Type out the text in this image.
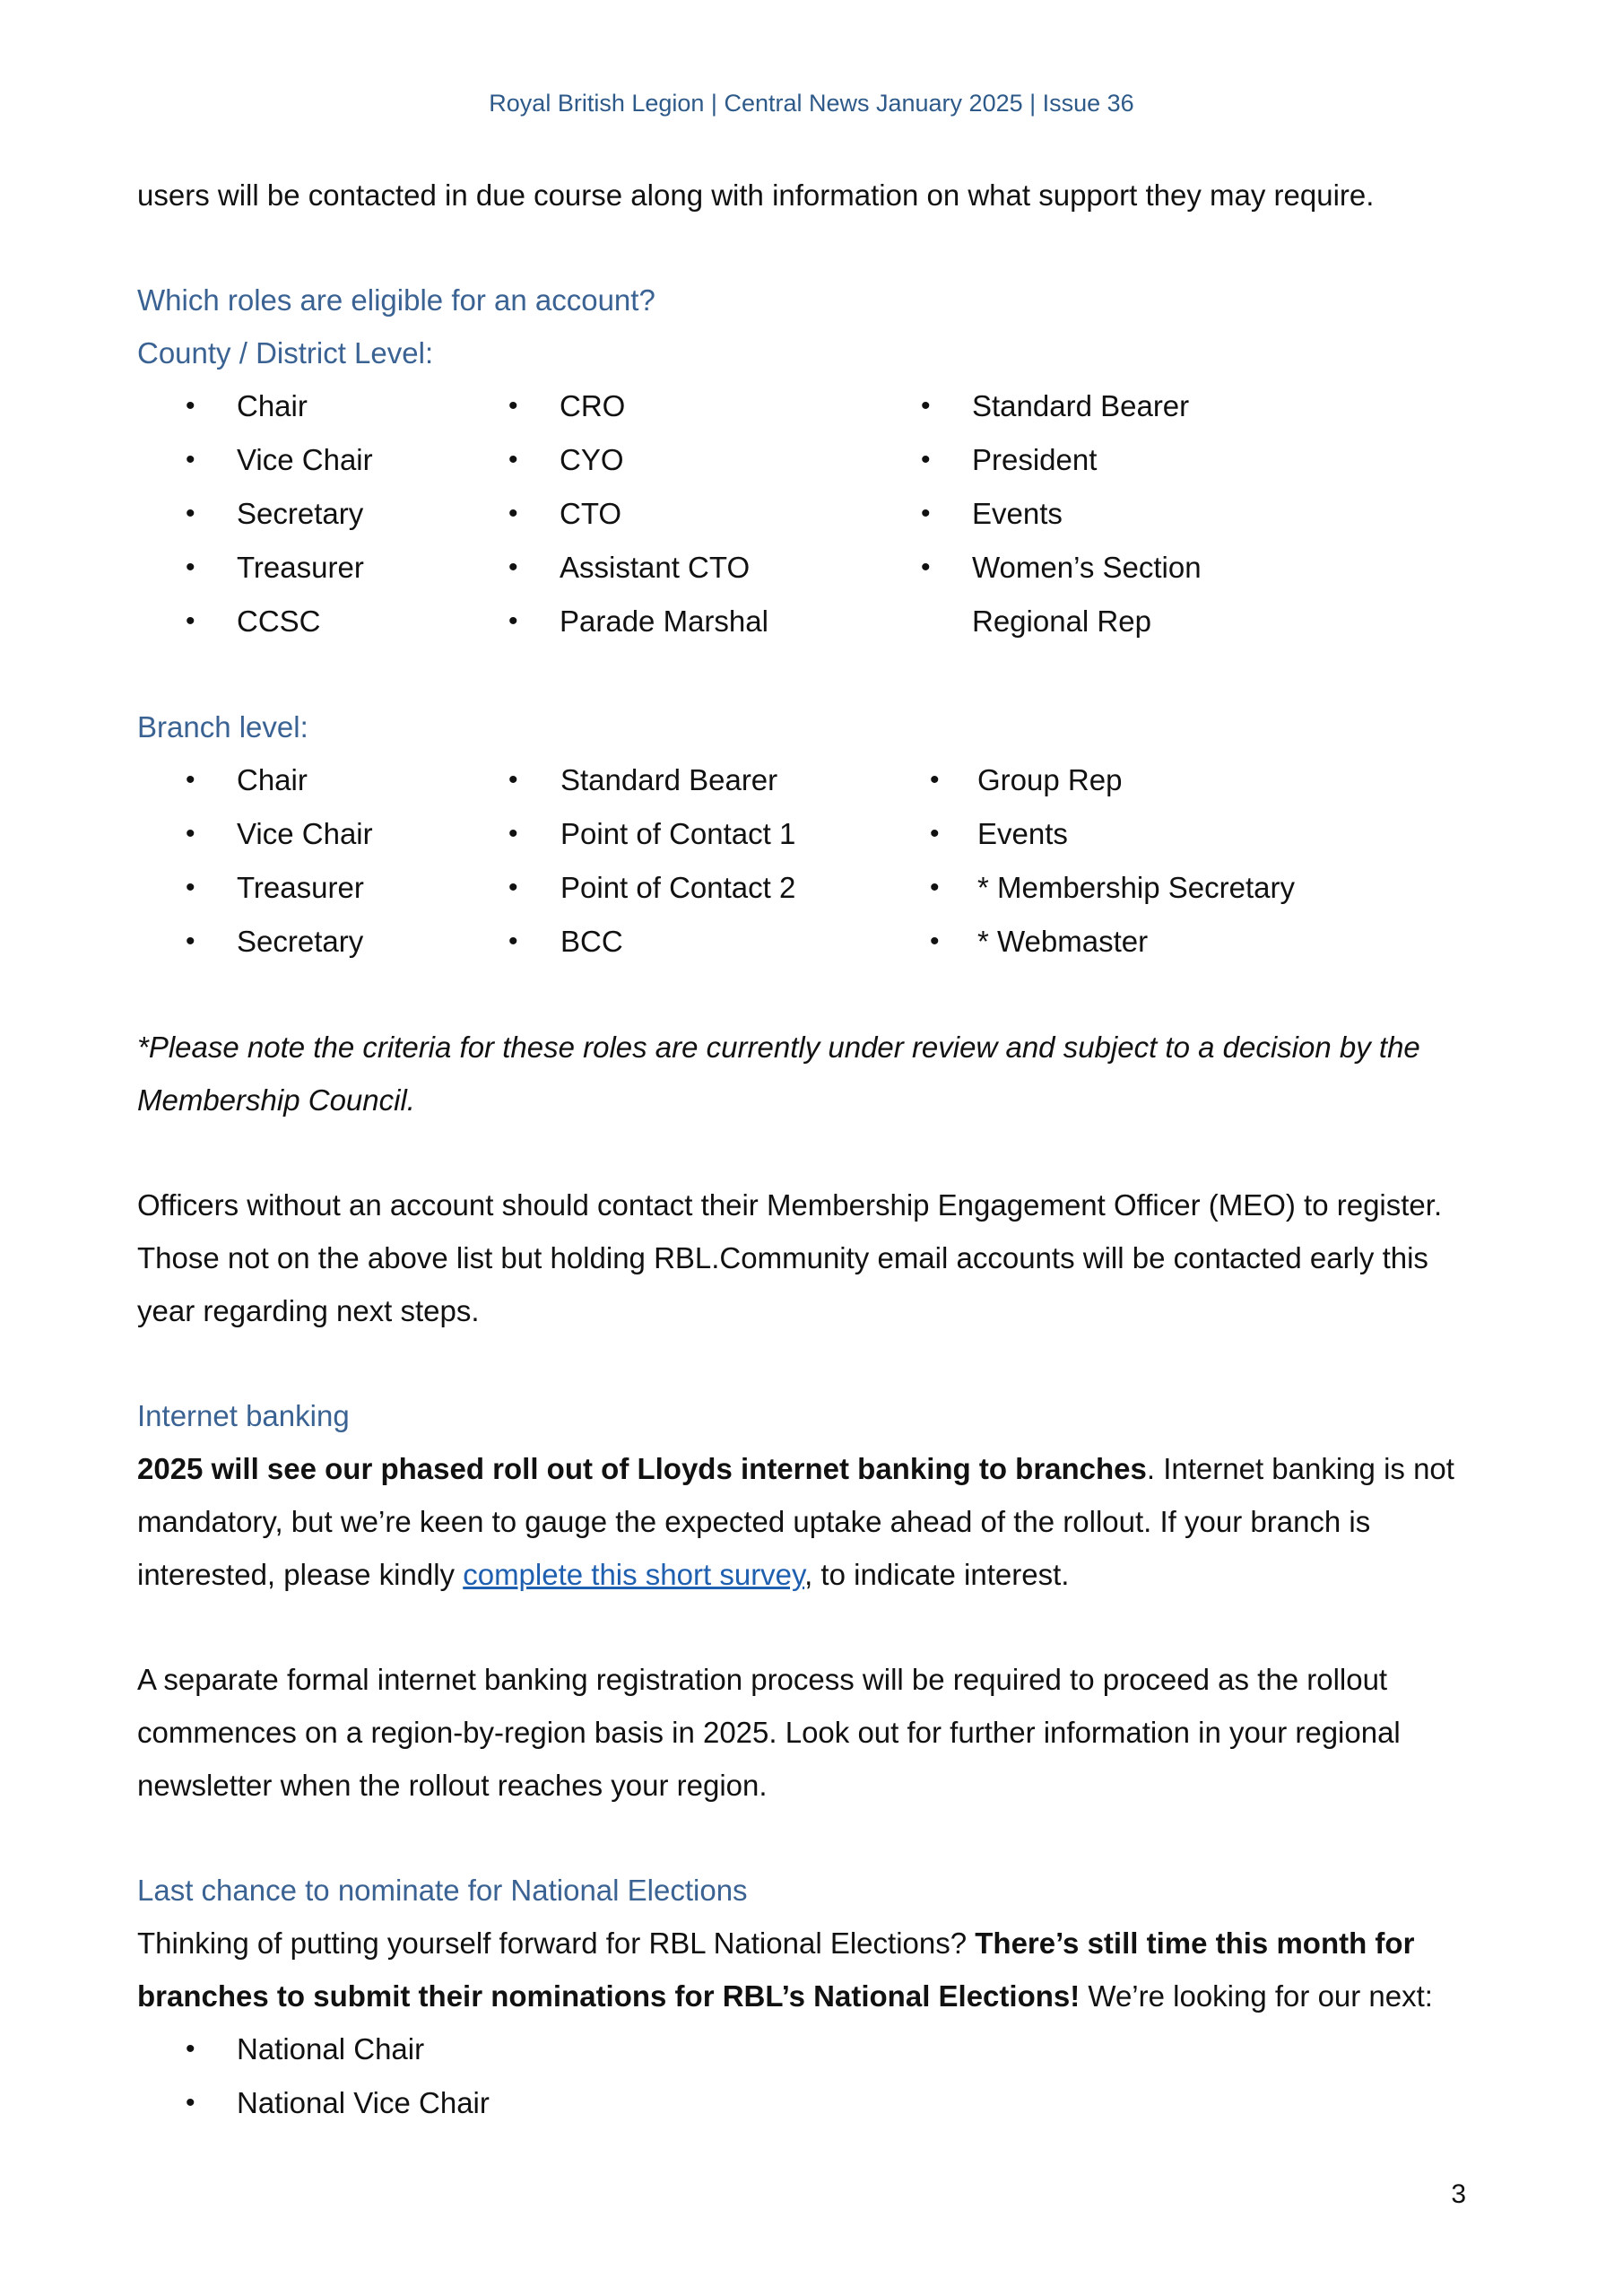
Royal British Legion | Central News January 2025 | Issue 36

users will be contacted in due course along with information on what support they may require.

Which roles are eligible for an account?

County / District Level:

• Chair
• Vice Chair
• Secretary
• Treasurer
• CCSC
• CRO
• CYO
• CTO
• Assistant CTO
• Parade Marshal
• Standard Bearer
• President
• Events
• Women’s Section
Regional Rep

Branch level:

• Chair
• Vice Chair
• Treasurer
• Secretary
• Standard Bearer
• Point of Contact 1
• Point of Contact 2
• BCC
• Group Rep
• Events
• * Membership Secretary
• * Webmaster

*Please note the criteria for these roles are currently under review and subject to a decision by the Membership Council.

Officers without an account should contact their Membership Engagement Officer (MEO) to register. Those not on the above list but holding RBL.Community email accounts will be contacted early this year regarding next steps.

Internet banking

2025 will see our phased roll out of Lloyds internet banking to branches. Internet banking is not mandatory, but we’re keen to gauge the expected uptake ahead of the rollout. If your branch is interested, please kindly complete this short survey, to indicate interest.

A separate formal internet banking registration process will be required to proceed as the rollout commences on a region-by-region basis in 2025. Look out for further information in your regional newsletter when the rollout reaches your region.

Last chance to nominate for National Elections

Thinking of putting yourself forward for RBL National Elections? There’s still time this month for branches to submit their nominations for RBL’s National Elections! We’re looking for our next:

• National Chair
• National Vice Chair
3
